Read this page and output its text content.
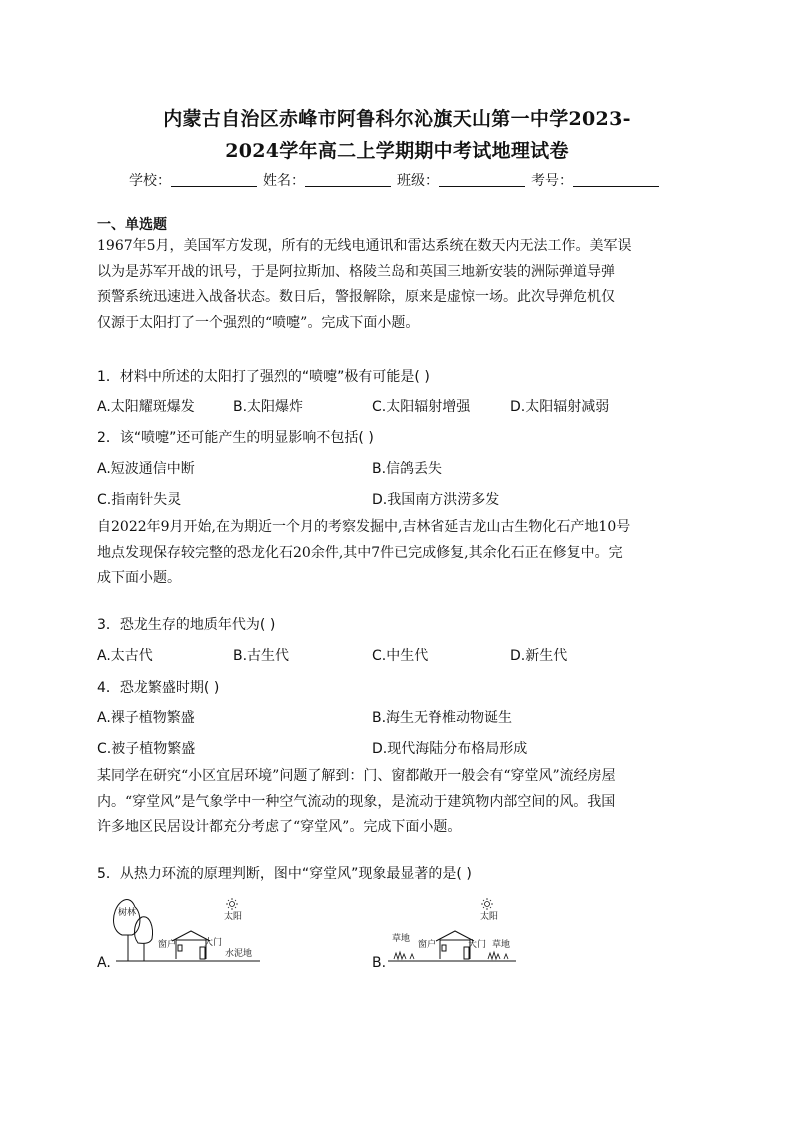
内蒙古自治区赤峰市阿鲁科尔沁旗天山第一中学2023-
2024学年高二上学期期中考试地理试卷
学校：	姓名：	班级：	考号：
一、单选题
1967年5月，美国军方发现，所有的无线电通讯和雷达系统在数天内无法工作。美军误
以为是苏军开战的讯号，于是阿拉斯加、格陵兰岛和英国三地新安装的洲际弹道导弹
预警系统迅速进入战备状态。数日后，警报解除，原来是虚惊一场。此次导弹危机仅
仅源于太阳打了一个强烈的“喷嚏”。完成下面小题。
1．材料中所述的太阳打了强烈的“喷嚏”极有可能是( )
A.太阳耀斑爆发	B.太阳爆炸	C.太阳辐射增强	D.太阳辐射减弱
2．该“喷嚏”还可能产生的明显影响不包括( )
A.短波通信中断	B.信鸽丢失
C.指南针失灵	D.我国南方洪涝多发
自2022年9月开始,在为期近一个月的考察发掘中,吉林省延吉龙山古生物化石产地10号
地点发现保存较完整的恐龙化石20余件,其中7件已完成修复,其余化石正在修复中。完
成下面小题。
3．恐龙生存的地质年代为( )
A.太古代	B.古生代	C.中生代	D.新生代
4．恐龙繁盛时期( )
A.裸子植物繁盛	B.海生无脊椎动物诞生
C.被子植物繁盛	D.现代海陆分布格局形成
某同学在研究“小区宜居环境”问题了解到：门、窗都敞开一般会有“穿堂风”流经房屋
内。“穿堂风”是气象学中一种空气流动的现象，是流动于建筑物内部空间的风。我国
许多地区民居设计都充分考虑了“穿堂风”。完成下面小题。
5．从热力环流的原理判断，图中“穿堂风”现象最显著的是( )
A.
树林	太阳
窗户	大门
水泥地
B.
太阳
草地
窗户	大门 草地
